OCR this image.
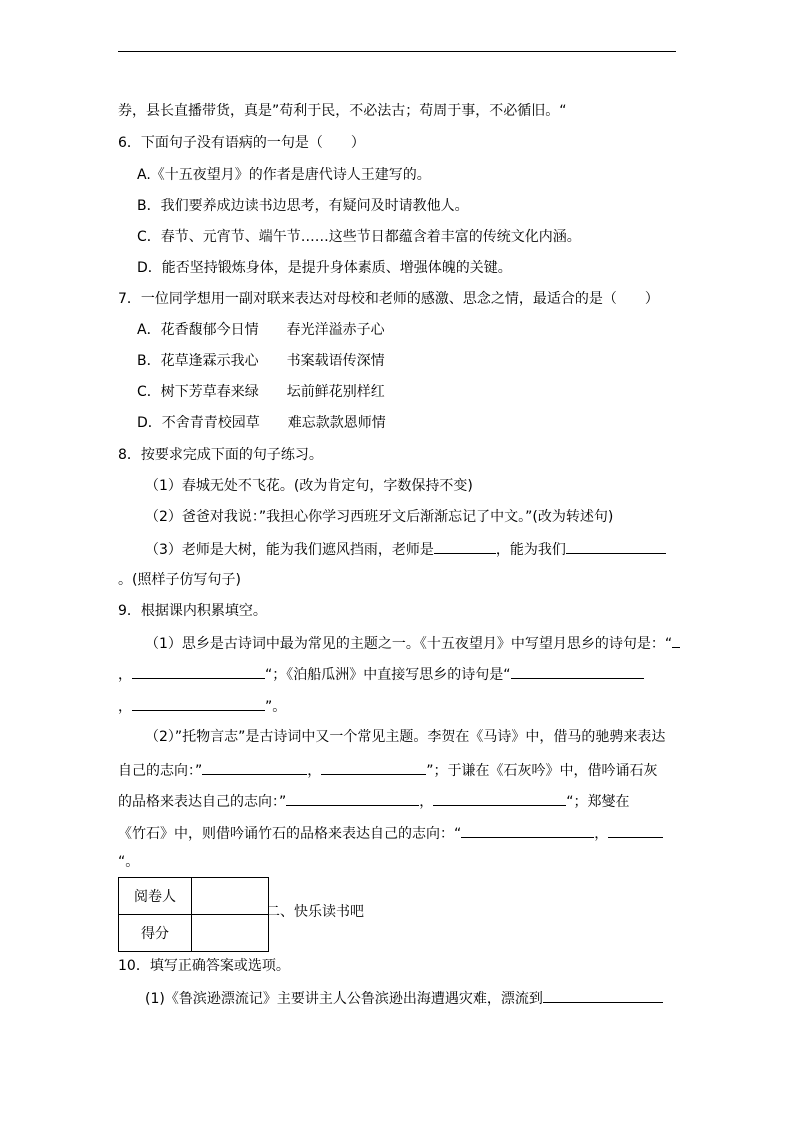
券，县长直播带货，真是”苟利于民，不必法古；苟周于事，不必循旧。“
6．下面句子没有语病的一句是（　　）
A.《十五夜望月》的作者是唐代诗人王建写的。
B．我们要养成边读书边思考，有疑问及时请教他人。
C．春节、元宵节、端午节……这些节日都蕴含着丰富的传统文化内涵。
D．能否坚持锻炼身体，是提升身体素质、增强体魄的关键。
7．一位同学想用一副对联来表达对母校和老师的感激、思念之情，最适合的是（　　）
A．花香馥郁今日情 春光洋溢赤子心
B．花草逢霖示我心 书案载语传深情
C．树下芳草春来绿 坛前鲜花别样红
D．不舍青青校园草 难忘款款恩师情
8．按要求完成下面的句子练习。
（1）春城无处不飞花。(改为肯定句，字数保持不变)
（2）爸爸对我说：”我担心你学习西班牙文后渐渐忘记了中文。”(改为转述句)
（3）老师是大树，能为我们遮风挡雨，老师是	，能为我们
。(照样子仿写句子)
9．根据课内积累填空。
（1）思乡是古诗词中最为常见的主题之一。《十五夜望月》中写望月思乡的诗句是：“
，	“；《泊船瓜洲》中直接写思乡的诗句是“
，	”。
（2）”托物言志”是古诗词中又一个常见主题。李贺在《马诗》中，借马的驰骋来表达
自己的志向：”	，	”；于谦在《石灰吟》中，借吟诵石灰
的品格来表达自己的志向：”	，	“；郑燮在
《竹石》中，则借吟诵竹石的品格来表达自己的志向：“	，
“。
阅卷人	
得分	
二、快乐读书吧
10．填写正确答案或选项。
(1)《鲁滨逊漂流记》主要讲主人公鲁滨逊出海遭遇灾难，漂流到
